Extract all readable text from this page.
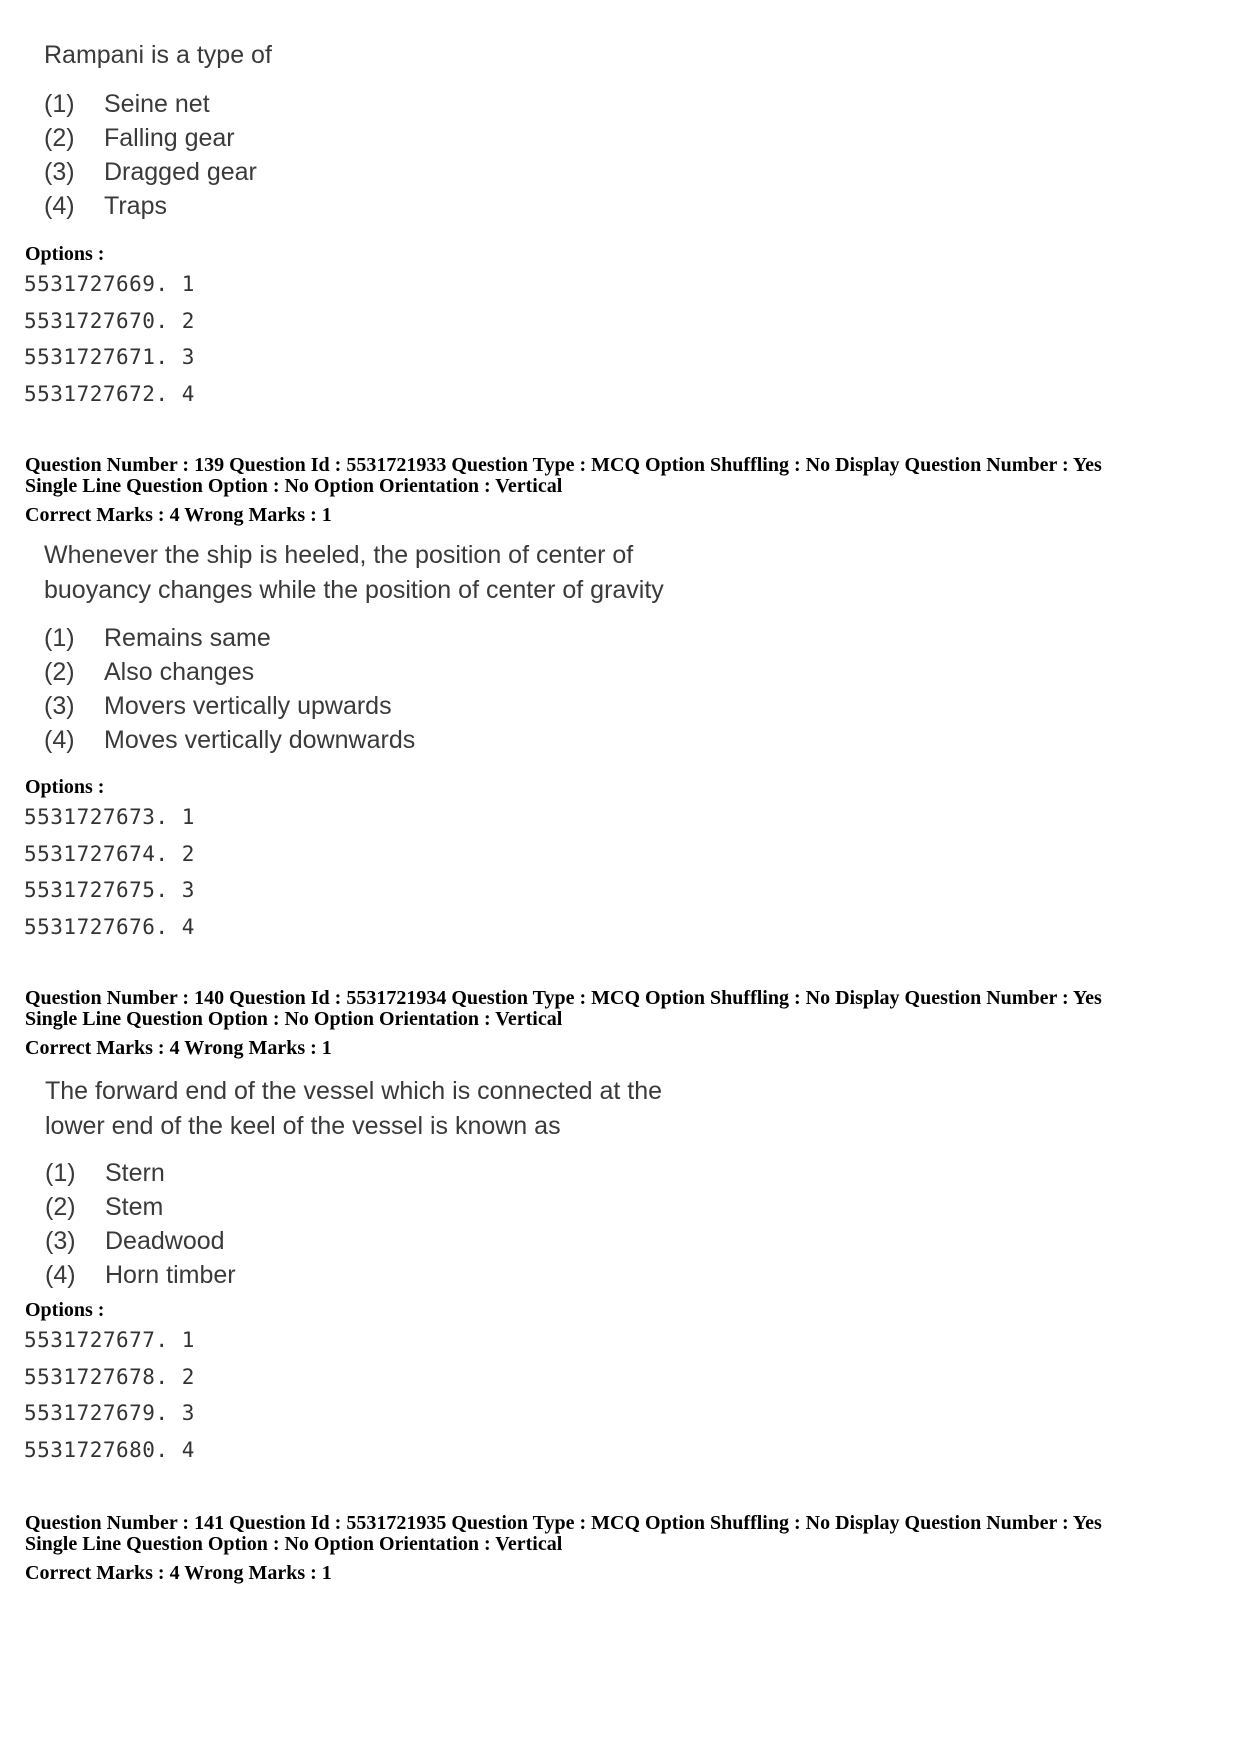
Rampani is a type of

(1)	Seine net
(2)	Falling gear
(3)	Dragged gear
(4)	Traps

Options :

5531727669. 1
5531727670. 2
5531727671. 3
5531727672. 4

Question Number : 139 Question Id : 5531721933 Question Type : MCQ Option Shuffling : No Display Question Number : Yes

Single Line Question Option : No Option Orientation : Vertical

Correct Marks : 4 Wrong Marks : 1

Whenever the ship is heeled, the position of center of

buoyancy changes while the position of center of gravity

(1)	Remains same
(2)	Also changes
(3)	Movers vertically upwards
(4)	Moves vertically downwards

Options :

5531727673. 1
5531727674. 2
5531727675. 3
5531727676. 4

Question Number : 140 Question Id : 5531721934 Question Type : MCQ Option Shuffling : No Display Question Number : Yes

Single Line Question Option : No Option Orientation : Vertical

Correct Marks : 4 Wrong Marks : 1

The forward end of the vessel which is connected at the

lower end of the keel of the vessel is known as

(1)	Stern
(2)	Stem
(3)	Deadwood
(4)	Horn timber

Options :

5531727677. 1
5531727678. 2
5531727679. 3
5531727680. 4

Question Number : 141 Question Id : 5531721935 Question Type : MCQ Option Shuffling : No Display Question Number : Yes

Single Line Question Option : No Option Orientation : Vertical

Correct Marks : 4 Wrong Marks : 1
